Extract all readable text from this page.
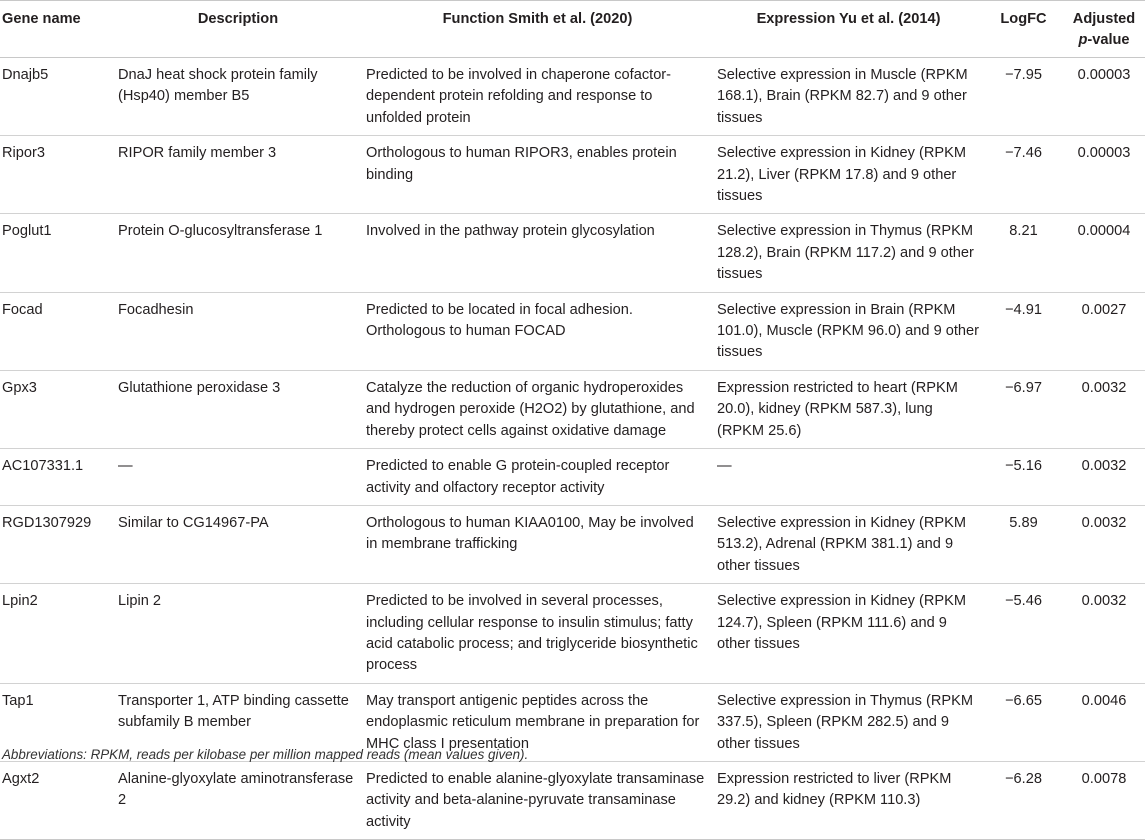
Gene name	Description	Function Smith et al. (2020)	Expression Yu et al. (2014)	LogFC	Adjusted
p-value
Dnajb5	DnaJ heat shock protein family (Hsp40) member B5	Predicted to be involved in chaperone cofactor-dependent protein refolding and response to unfolded protein	Selective expression in Muscle (RPKM 168.1), Brain (RPKM 82.7) and 9 other tissues	−7.95	0.00003
Ripor3	RIPOR family member 3	Orthologous to human RIPOR3, enables protein binding	Selective expression in Kidney (RPKM 21.2), Liver (RPKM 17.8) and 9 other tissues	−7.46	0.00003
Poglut1	Protein O-glucosyltransferase 1	Involved in the pathway protein glycosylation	Selective expression in Thymus (RPKM 128.2), Brain (RPKM 117.2) and 9 other tissues	8.21	0.00004
Focad	Focadhesin	Predicted to be located in focal adhesion. Orthologous to human FOCAD	Selective expression in Brain (RPKM 101.0), Muscle (RPKM 96.0) and 9 other tissues	−4.91	0.0027
Gpx3	Glutathione peroxidase 3	Catalyze the reduction of organic hydroperoxides and hydrogen peroxide (H2O2) by glutathione, and thereby protect cells against oxidative damage	Expression restricted to heart (RPKM 20.0), kidney (RPKM 587.3), lung (RPKM 25.6)	−6.97	0.0032
AC107331.1	—	Predicted to enable G protein-coupled receptor activity and olfactory receptor activity	—	−5.16	0.0032
RGD1307929	Similar to CG14967-PA	Orthologous to human KIAA0100, May be involved in membrane trafficking	Selective expression in Kidney (RPKM 513.2), Adrenal (RPKM 381.1) and 9 other tissues	5.89	0.0032
Lpin2	Lipin 2	Predicted to be involved in several processes, including cellular response to insulin stimulus; fatty acid catabolic process; and triglyceride biosynthetic process	Selective expression in Kidney (RPKM 124.7), Spleen (RPKM 111.6) and 9 other tissues	−5.46	0.0032
Tap1	Transporter 1, ATP binding cassette subfamily B member	May transport antigenic peptides across the endoplasmic reticulum membrane in preparation for MHC class I presentation	Selective expression in Thymus (RPKM 337.5), Spleen (RPKM 282.5) and 9 other tissues	−6.65	0.0046
Agxt2	Alanine-glyoxylate aminotransferase 2	Predicted to enable alanine-glyoxylate transaminase activity and beta-alanine-pyruvate transaminase activity	Expression restricted to liver (RPKM 29.2) and kidney (RPKM 110.3)	−6.28	0.0078
Abbreviations: RPKM, reads per kilobase per million mapped reads (mean values given).
